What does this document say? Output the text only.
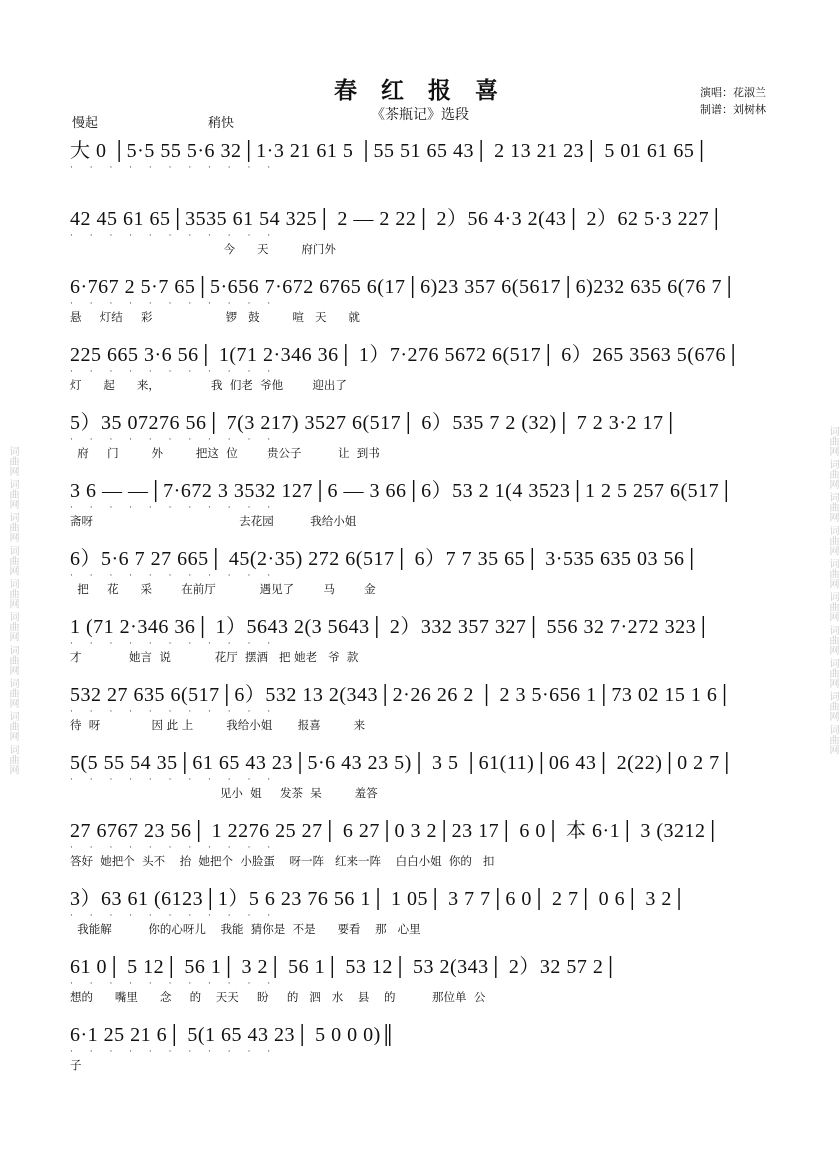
词曲网 词曲网 词曲网 词曲网 词曲网 词曲网 词曲网 词曲网 词曲网 词曲网	词曲网 词曲网 词曲网 词曲网 词曲网 词曲网 词曲网 词曲网 词曲网 词曲网
春 红 报 喜
《茶瓶记》选段
演唱：花淑兰
制谱：刘树林
慢起	稍快
大 0 │5·5 55 5·6 32│1·3 21 61 5 │55 51 65 43│ 2 13 21 23│ 5 01 61 65│
· · · · · · · · · · ·
42 45 61 65│3535 61 54 325│ 2 — 2 22│ 2）56 4·3 2(43│ 2）62 5·3 227│
· · · · · · · · · · ·
今      天         府门外
6·767 2 5·7 65│5·656 7·672 6765 6(17│6)23 357 6(5617│6)232 635 6(76 7│
· · · · · · · · · · ·
悬     灯结     彩                    锣   鼓         喧   天      就
225 665 3·6 56│ 1(71 2·346 36│ 1）7·276 5672 6(517│ 6）265 3563 5(676│
· · · · · · · · · · ·
灯      起      来，              我  们老  爷他        迎出了
5）35 07276 56│ 7(3 217) 3527 6(517│ 6）535 7 2 (32)│ 7 2 3·2 17│
· · · · · · · · · · ·
府     门         外         把这  位        贵公子          让  到书
3 6 — —│7·672 3 3532 127│6 — 3 66│6）53 2 1(4 3523│1 2 5 257 6(517│
· · · · · · · · · · ·
斋呀                                        去花园          我给小姐
6）5·6 7 27 665│ 45(2·35) 272 6(517│ 6）7 7 35 65│ 3·535 635 03 56│
· · · · · · · · · · ·
把     花      采        在前厅            遇见了        马        金
1 (71 2·346 36│ 1）5643 2(3 5643│ 2）332 357 327│ 556 32 7·272 323│
· · · · · · · · · · ·
才             她言  说            花厅  摆酒   把 她老   爷  款
532 27 635 6(517│6）532 13 2(343│2·26 26 2 │ 2 3 5·656 1│73 02 15 1 6│
· · · · · · · · · · ·
待  呀              因 此 上         我给小姐       报喜         来
5(5 55 54 35│61 65 43 23│5·6 43 23 5)│ 3 5 │61(11)│06 43│ 2(22)│0 2 7│
· · · · · · · · · · ·
见小  姐     发茶  呆         羞答
27 6767 23 56│ 1 2276 25 27│ 6 27│0 3 2│23 17│ 6 0│ 本 6·1│ 3 (3212│
· · · · · · · · · · ·
答好  她把个  头不    抬  她把个  小脸蛋    呀一阵   红来一阵    白白小姐  你的   扣
3）63 61 (6123│1）5 6 23 76 56 1│ 1 05│ 3 7 7│6 0│ 2 7│ 0 6│ 3 2│
· · · · · · · · · · ·
我能解          你的心呀儿    我能  猜你是  不是      要看    那   心里
61 0│ 5 12│ 56 1│ 3 2│ 56 1│ 53 12│ 53 2(343│ 2）32 57 2│
· · · · · · · · · · ·
想的      嘴里      念     的    天天     盼     的   泗   水    县    的          那位单  公
6·1 25 21 6│ 5(1 65 43 23│ 5 0 0 0)║
· · · · · · · · · · ·
子
